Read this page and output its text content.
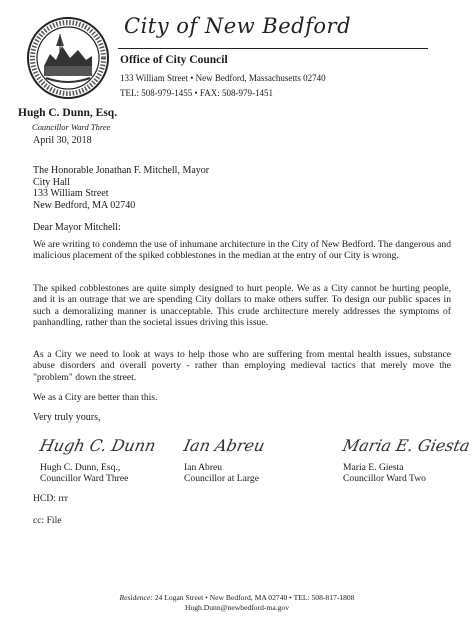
City of New Bedford
Office of City Council
133 William Street • New Bedford, Massachusetts 02740
TEL: 508-979-1455 • FAX: 508-979-1451
Hugh C. Dunn, Esq.
Councillor Ward Three
April 30, 2018
The Honorable Jonathan F. Mitchell, Mayor
City Hall
133 William Street
New Bedford, MA 02740
Dear Mayor Mitchell:
We are writing to condemn the use of inhumane architecture in the City of New Bedford. The dangerous and malicious placement of the spiked cobblestones in the median at the entry of our City is wrong.
The spiked cobblestones are quite simply designed to hurt people. We as a City cannot be hurting people, and it is an outrage that we are spending City dollars to make others suffer. To design our public spaces in such a demoralizing manner is unacceptable. This crude architecture merely addresses the symptoms of panhandling, rather than the societal issues driving this issue.
As a City we need to look at ways to help those who are suffering from mental health issues, substance abuse disorders and overall poverty - rather than employing medieval tactics that merely move the "problem" down the street.
We as a City are better than this.
Very truly yours,
Hugh C. Dunn Ian Abreu	Maria E. Giesta
Hugh C. Dunn, Esq.,
Councillor Ward Three
Ian Abreu
Councillor at Large
Maria E. Giesta
Councillor Ward Two
HCD: rrr
cc: File
Residence: 24 Logan Street • New Bedford, MA 02740 • TEL: 508-817-1808
Hugh.Dunn@newbedford-ma.gov
